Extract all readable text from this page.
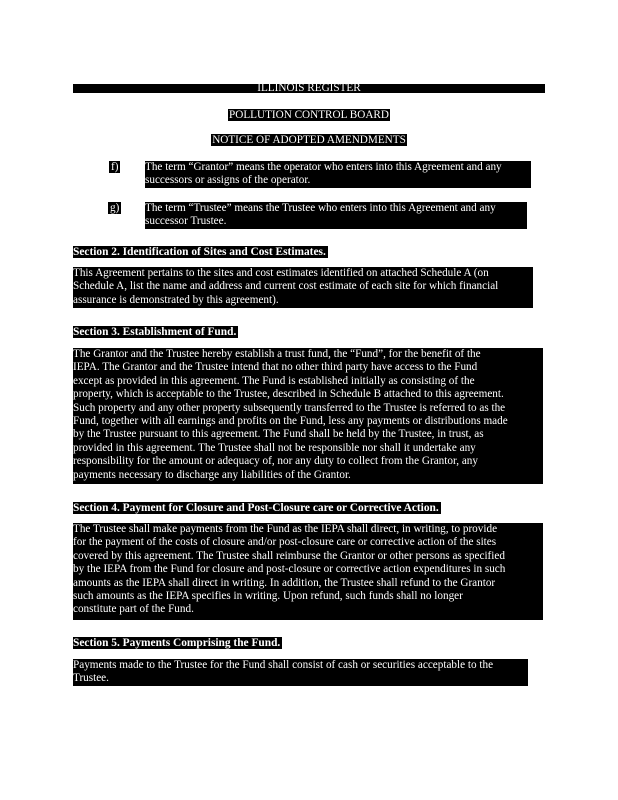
ILLINOIS REGISTER
POLLUTION CONTROL BOARD
NOTICE OF ADOPTED AMENDMENTS
f) The term “Grantor” means the operator who enters into this Agreement and any
successors or assigns of the operator.
g) The term “Trustee” means the Trustee who enters into this Agreement and any
successor Trustee.
Section 2. Identification of Sites and Cost Estimates.
This Agreement pertains to the sites and cost estimates identified on attached Schedule A (on
Schedule A, list the name and address and current cost estimate of each site for which financial
assurance is demonstrated by this agreement).
Section 3. Establishment of Fund.
The Grantor and the Trustee hereby establish a trust fund, the “Fund”, for the benefit of the
IEPA. The Grantor and the Trustee intend that no other third party have access to the Fund
except as provided in this agreement. The Fund is established initially as consisting of the
property, which is acceptable to the Trustee, described in Schedule B attached to this agreement.
Such property and any other property subsequently transferred to the Trustee is referred to as the
Fund, together with all earnings and profits on the Fund, less any payments or distributions made
by the Trustee pursuant to this agreement. The Fund shall be held by the Trustee, in trust, as
provided in this agreement. The Trustee shall not be responsible nor shall it undertake any
responsibility for the amount or adequacy of, nor any duty to collect from the Grantor, any
payments necessary to discharge any liabilities of the Grantor.
Section 4. Payment for Closure and Post-Closure care or Corrective Action.
The Trustee shall make payments from the Fund as the IEPA shall direct, in writing, to provide
for the payment of the costs of closure and/or post-closure care or corrective action of the sites
covered by this agreement. The Trustee shall reimburse the Grantor or other persons as specified
by the IEPA from the Fund for closure and post-closure or corrective action expenditures in such
amounts as the IEPA shall direct in writing. In addition, the Trustee shall refund to the Grantor
such amounts as the IEPA specifies in writing. Upon refund, such funds shall no longer
constitute part of the Fund.
Section 5. Payments Comprising the Fund.
Payments made to the Trustee for the Fund shall consist of cash or securities acceptable to the
Trustee.
